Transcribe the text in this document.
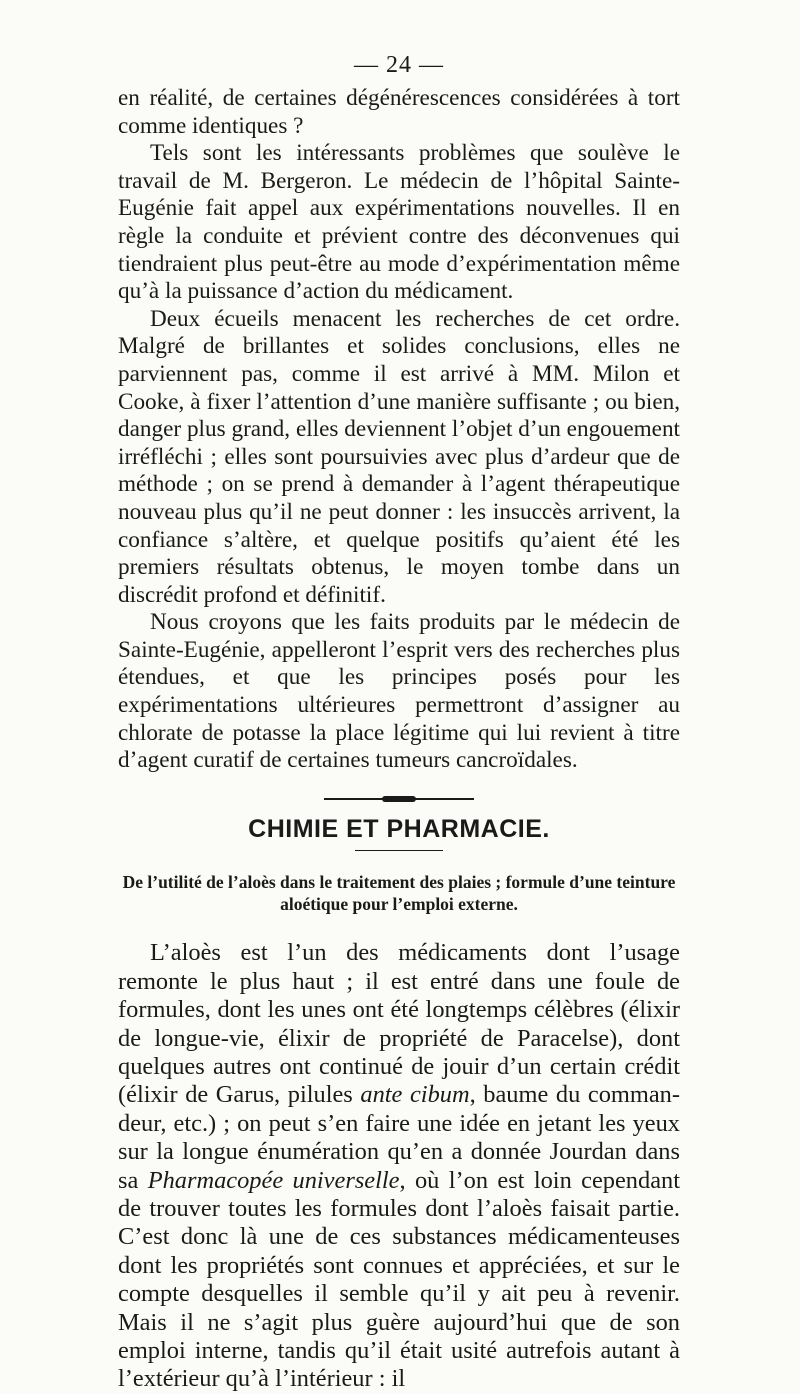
— 24 —

en réalité, de certaines dégénérescences considérées à tort comme identiques ?

Tels sont les intéressants problèmes que soulève le travail de M. Bergeron. Le médecin de l’hôpital Sainte-Eugénie fait appel aux expérimentations nouvelles. Il en règle la conduite et prévient contre des déconvenues qui tiendraient plus peut-être au mode d’expérimentation même qu’à la puissance d’action du médicament.

Deux écueils menacent les recherches de cet ordre. Malgré de brillantes et solides conclusions, elles ne parviennent pas, comme il est arrivé à MM. Milon et Cooke, à fixer l’attention d’une manière suffisante ; ou bien, danger plus grand, elles deviennent l’objet d’un engouement irréfléchi ; elles sont poursuivies avec plus d’ardeur que de méthode ; on se prend à demander à l’agent thérapeutique nouveau plus qu’il ne peut donner : les insuccès arrivent, la confiance s’altère, et quelque positifs qu’aient été les premiers résultats obtenus, le moyen tombe dans un discrédit profond et définitif.

Nous croyons que les faits produits par le médecin de Sainte-Eugénie, appelleront l’esprit vers des recherches plus étendues, et que les principes posés pour les expérimentations ultérieures permettront d’assigner au chlorate de potasse la place légitime qui lui revient à titre d’agent curatif de certaines tumeurs cancroïdales.

CHIMIE ET PHARMACIE.
De l’utilité de l’aloès dans le traitement des plaies ; formule d’une teinture aloétique pour l’emploi externe.

L’aloès est l’un des médicaments dont l’usage remonte le plus haut ; il est entré dans une foule de formules, dont les unes ont été longtemps célèbres (élixir de longue-vie, élixir de propriété de Paracelse), dont quelques autres ont continué de jouir d’un certain crédit (élixir de Garus, pilules ante cibum, baume du commandeur, etc.) ; on peut s’en faire une idée en jetant les yeux sur la longue énumération qu’en a donnée Jourdan dans sa Pharmacopée universelle, où l’on est loin cependant de trouver toutes les formules dont l’aloès faisait partie. C’est donc là une de ces substances médicamenteuses dont les propriétés sont connues et appréciées, et sur le compte desquelles il semble qu’il y ait peu à revenir. Mais il ne s’agit plus guère aujourd’hui que de son emploi interne, tandis qu’il était usité autrefois autant à l’extérieur qu’à l’intérieur : il
